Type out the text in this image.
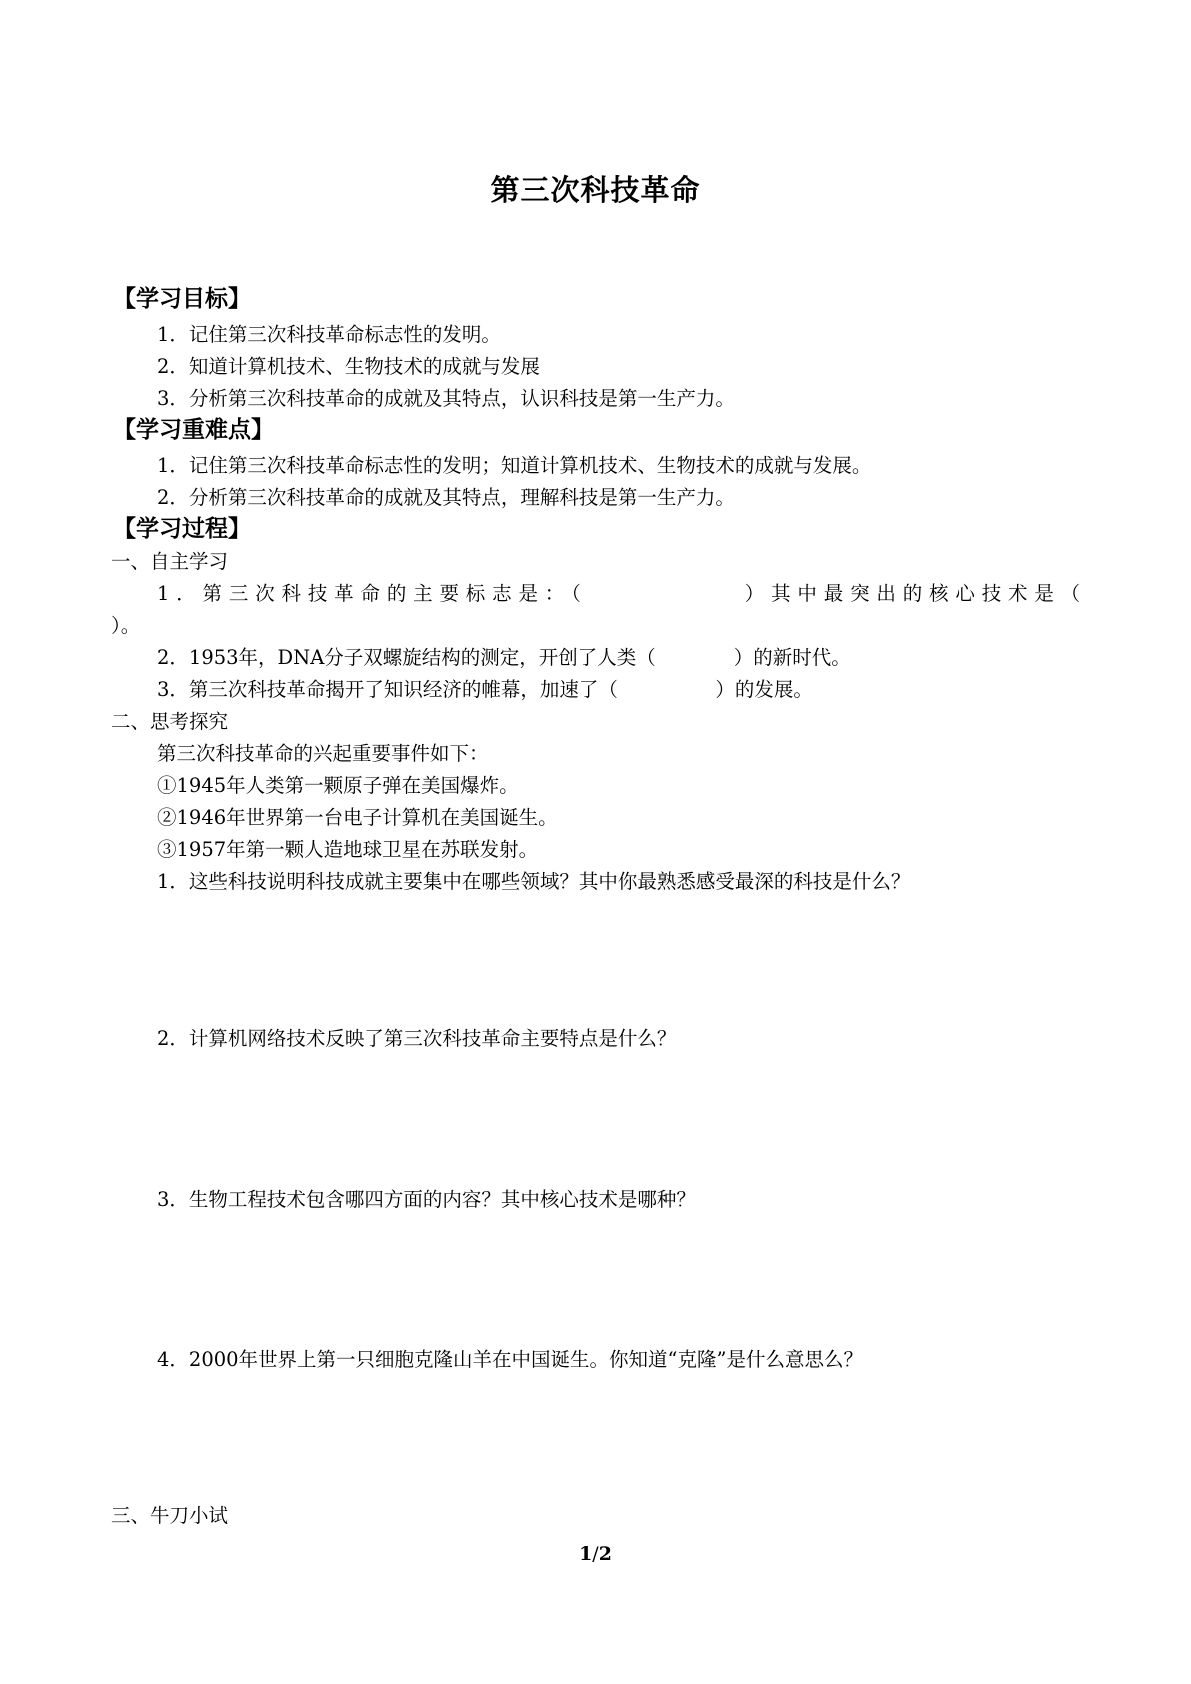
第三次科技革命
【学习目标】
1．记住第三次科技革命标志性的发明。
2．知道计算机技术、生物技术的成就与发展
3．分析第三次科技革命的成就及其特点，认识科技是第一生产力。
【学习重难点】
1．记住第三次科技革命标志性的发明；知道计算机技术、生物技术的成就与发展。
2．分析第三次科技革命的成就及其特点，理解科技是第一生产力。
【学习过程】
一、自主学习
1．第三次科技革命的主要标志是：（	）其中最突出的核心技术是（
）。
2．1953年，DNA分子双螺旋结构的测定，开创了人类（　　　　）的新时代。
3．第三次科技革命揭开了知识经济的帷幕，加速了（　　　　　）的发展。
二、思考探究
第三次科技革命的兴起重要事件如下：
①1945年人类第一颗原子弹在美国爆炸。
②1946年世界第一台电子计算机在美国诞生。
③1957年第一颗人造地球卫星在苏联发射。
1．这些科技说明科技成就主要集中在哪些领域？其中你最熟悉感受最深的科技是什么？
2．计算机网络技术反映了第三次科技革命主要特点是什么？
3．生物工程技术包含哪四方面的内容？其中核心技术是哪种？
4．2000年世界上第一只细胞克隆山羊在中国诞生。你知道“克隆”是什么意思么？
三、牛刀小试
1/2
